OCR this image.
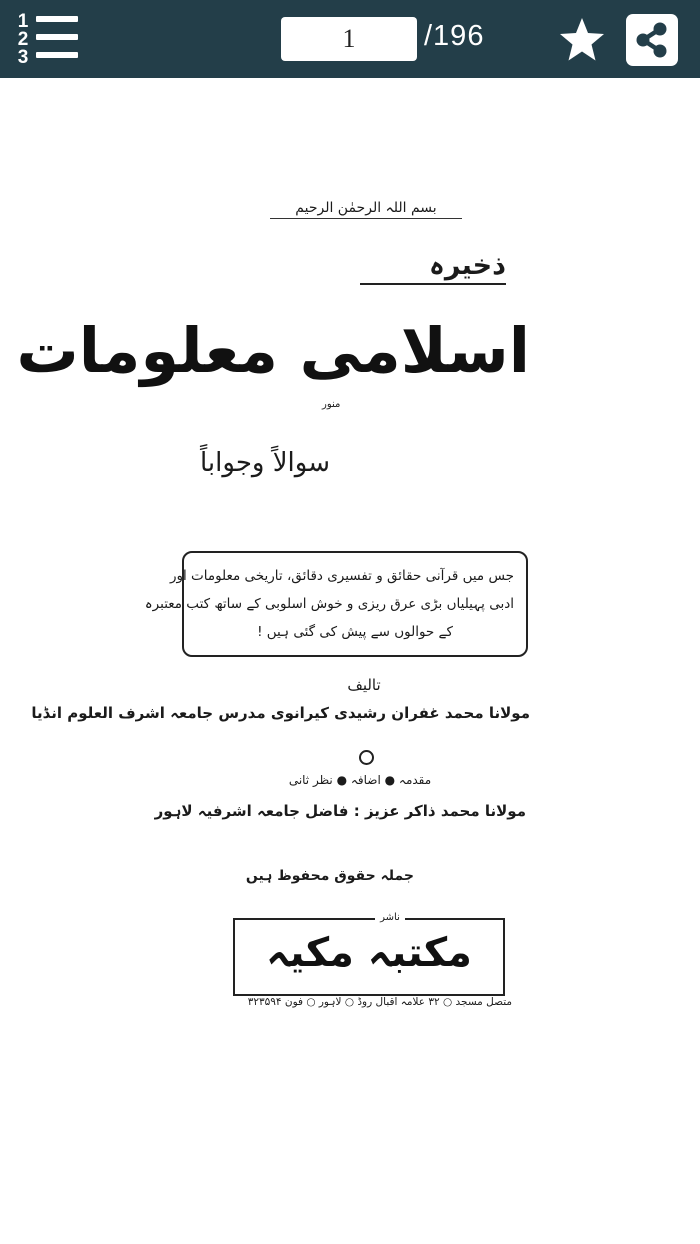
1
2
3
1
/196
بسم اللہ الرحمٰن الرحیم
ذخیرہ
اسلامی معلومات
منور
سوالاً وجواباً
جس میں قرآنی حقائق و تفسیری دقائق، تاریخی معلومات اور
ادبی پہیلیاں بڑی عرق ریزی و خوش اسلوبی کے ساتھ کتب معتبرہ
کے حوالوں سے پیش کی گئی ہیں !
تالیف
مولانا محمد غفران رشیدی کیرانوی مدرس جامعہ اشرف العلوم انڈیا
مقدمہ ● اضافہ ● نظر ثانی
مولانا محمد ذاکر عزیز : فاضل جامعہ اشرفیہ لاہور
جملہ حقوق محفوظ ہیں
ناشر
مکتبہ مکیہ
متصل مسجد ○ ۳۲ علامہ اقبال روڈ ○ لاہور ○ فون ۳۲۳۵۹۴
